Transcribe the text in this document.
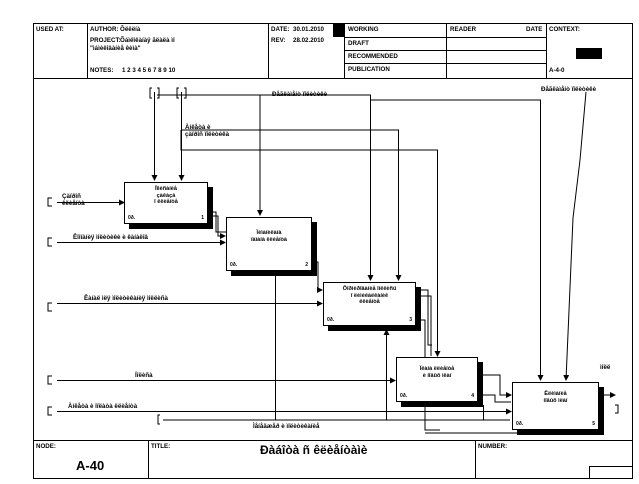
USED AT:	AUTHOR: Ôëëëíà
PROJECT: Õáìëîêàíàÿ ãëàëà ìî
"ìáìèêîâàíèå êèìà"
NOTES: 1 2 3 4 5 6 7 8 9 10
DATE: 30.01.2010
REV: 28.02.2010
WORKING
DRAFT
RECOMMENDED
PUBLICATION
READER	DATE CONTEXT:
A-4-0
Ïîìèñàíèå
çàêàçà
î ëëèåíòå
0ð.	1
Ïèìàíèêàíà
ïàìàíà ëëèåíòà
0ð.	2
Ôîðìèðîâàíèå ìîëëèñü
î ëèìèêàëêàíèê
ëëèåíòå
0ð.	3
Ïëàíà ëëèåíòå
è íîâûõ ìëàí
0ð.	4	Êëèìàíèå
íîâûõ ìëàí
0ð.	5
Ðåãëàìåíò ïîëèòèêè
Ðåãëàìåíò ïîëèòèêè
Àíêåòà è
çàïðîñ ïîëèòèêà
Çàïðîñ
êëèåíòà
Êîìïàíèÿ ìîëèòèêè è êàíàëîâ
Êàíàë ìëÿ ìîëèòèêàíèÿ ìîëëèñà
Ïîëèñà
Àíêåòà è îïëàòà ëëèåíòà
Ìåíåäæåð è ìîëèòèêàíèå
ìîëë
NODE:
A-40
TITLE:	Ðàáîòà ñ êëèåíòàìè	NUMBER:
